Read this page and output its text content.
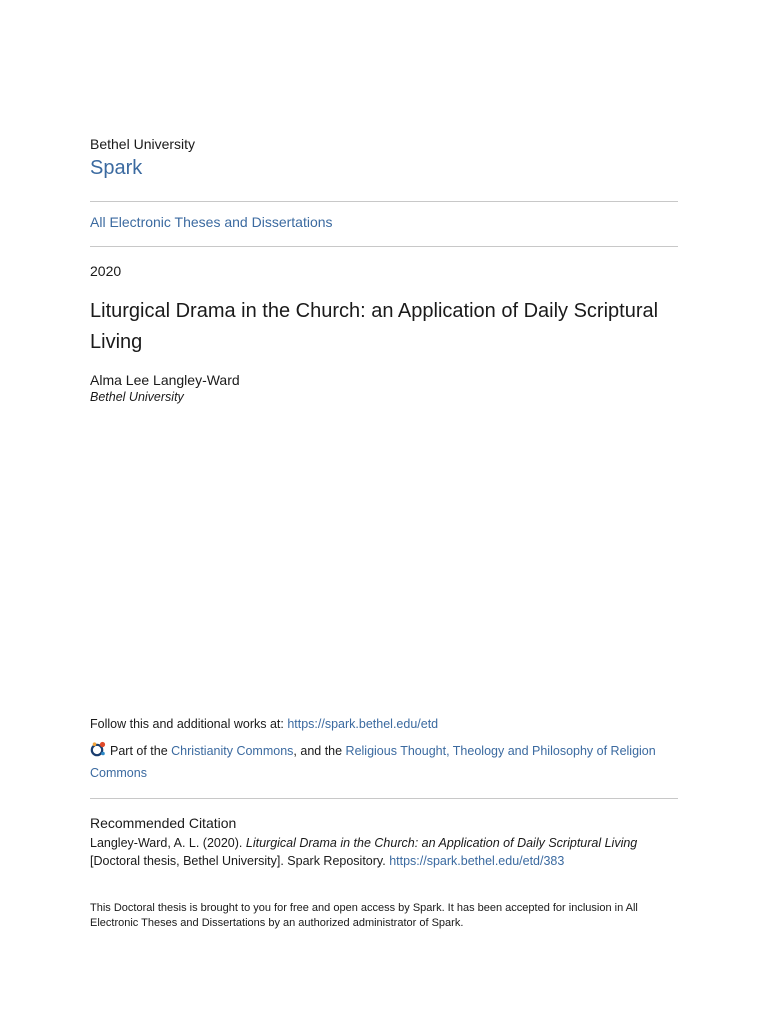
Bethel University
Spark
All Electronic Theses and Dissertations
2020
Liturgical Drama in the Church: an Application of Daily Scriptural Living
Alma Lee Langley-Ward
Bethel University
Follow this and additional works at: https://spark.bethel.edu/etd
Part of the Christianity Commons, and the Religious Thought, Theology and Philosophy of Religion Commons
Recommended Citation
Langley-Ward, A. L. (2020). Liturgical Drama in the Church: an Application of Daily Scriptural Living [Doctoral thesis, Bethel University]. Spark Repository. https://spark.bethel.edu/etd/383
This Doctoral thesis is brought to you for free and open access by Spark. It has been accepted for inclusion in All Electronic Theses and Dissertations by an authorized administrator of Spark.
